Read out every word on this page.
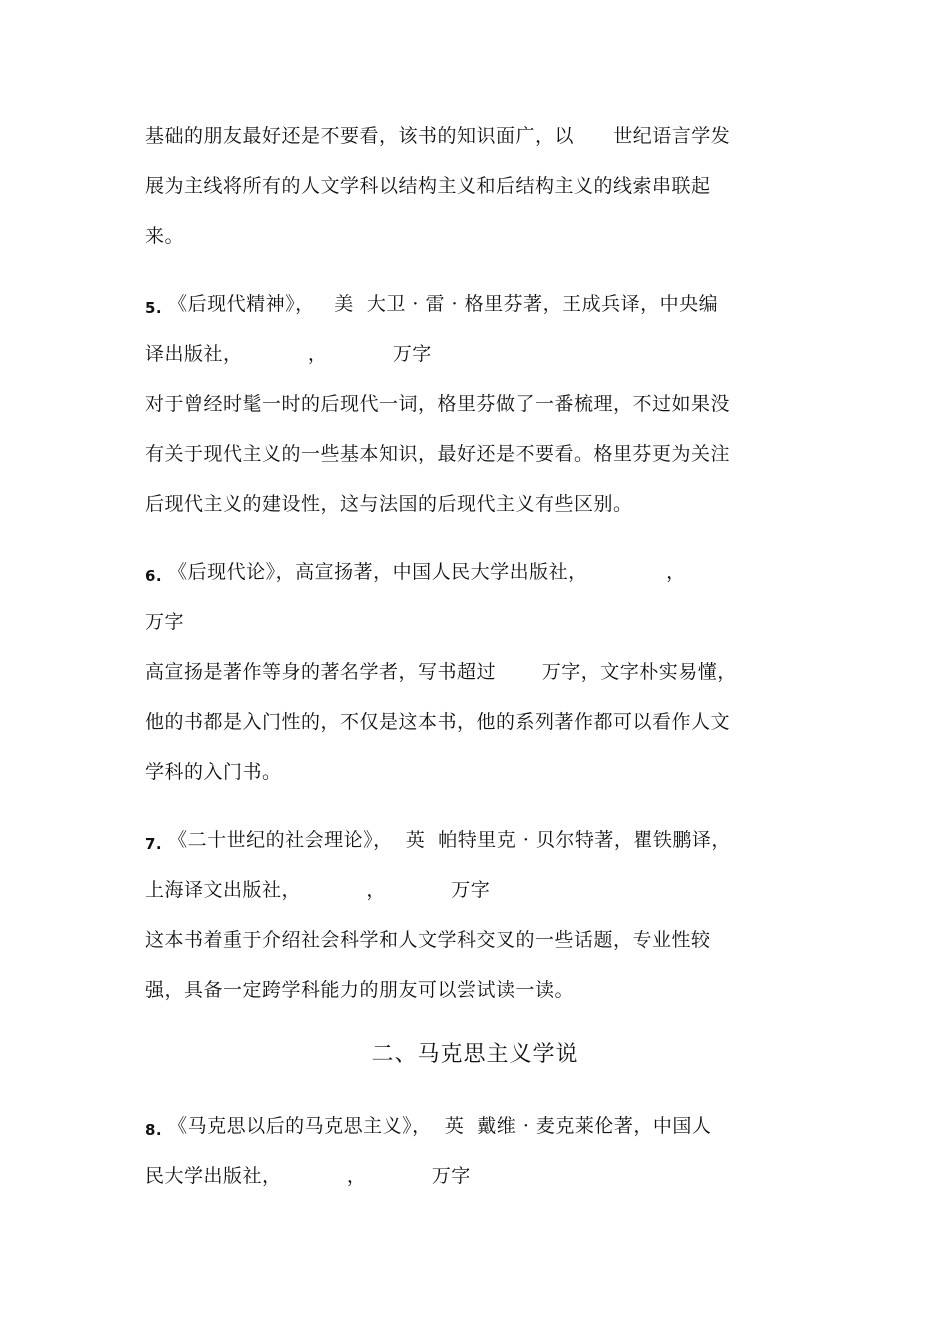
基础的朋友最好还是不要看，该书的知识面广，以      世纪语言学发
展为主线将所有的人文学科以结构主义和后结构主义的线索串联起
来。
5. 《后现代精神》，   美  大卫 · 雷 · 格里芬著，王成兵译，中央编
译出版社，          ，          万字
对于曾经时髦一时的后现代一词，格里芬做了一番梳理，不过如果没
有关于现代主义的一些基本知识，最好还是不要看。格里芬更为关注
后现代主义的建设性，这与法国的后现代主义有些区别。
6. 《后现代论》，高宣扬著，中国人民大学出版社，            ，
万字
高宣扬是著作等身的著名学者，写书超过       万字，文字朴实易懂，
他的书都是入门性的，不仅是这本书，他的系列著作都可以看作人文
学科的入门书。
7. 《二十世纪的社会理论》，  英  帕特里克 · 贝尔特著，瞿铁鹏译，
上海译文出版社，          ，          万字
这本书着重于介绍社会科学和人文学科交叉的一些话题，专业性较
强，具备一定跨学科能力的朋友可以尝试读一读。
二、马克思主义学说
8. 《马克思以后的马克思主义》，  英  戴维 · 麦克莱伦著，中国人
民大学出版社，          ，          万字
